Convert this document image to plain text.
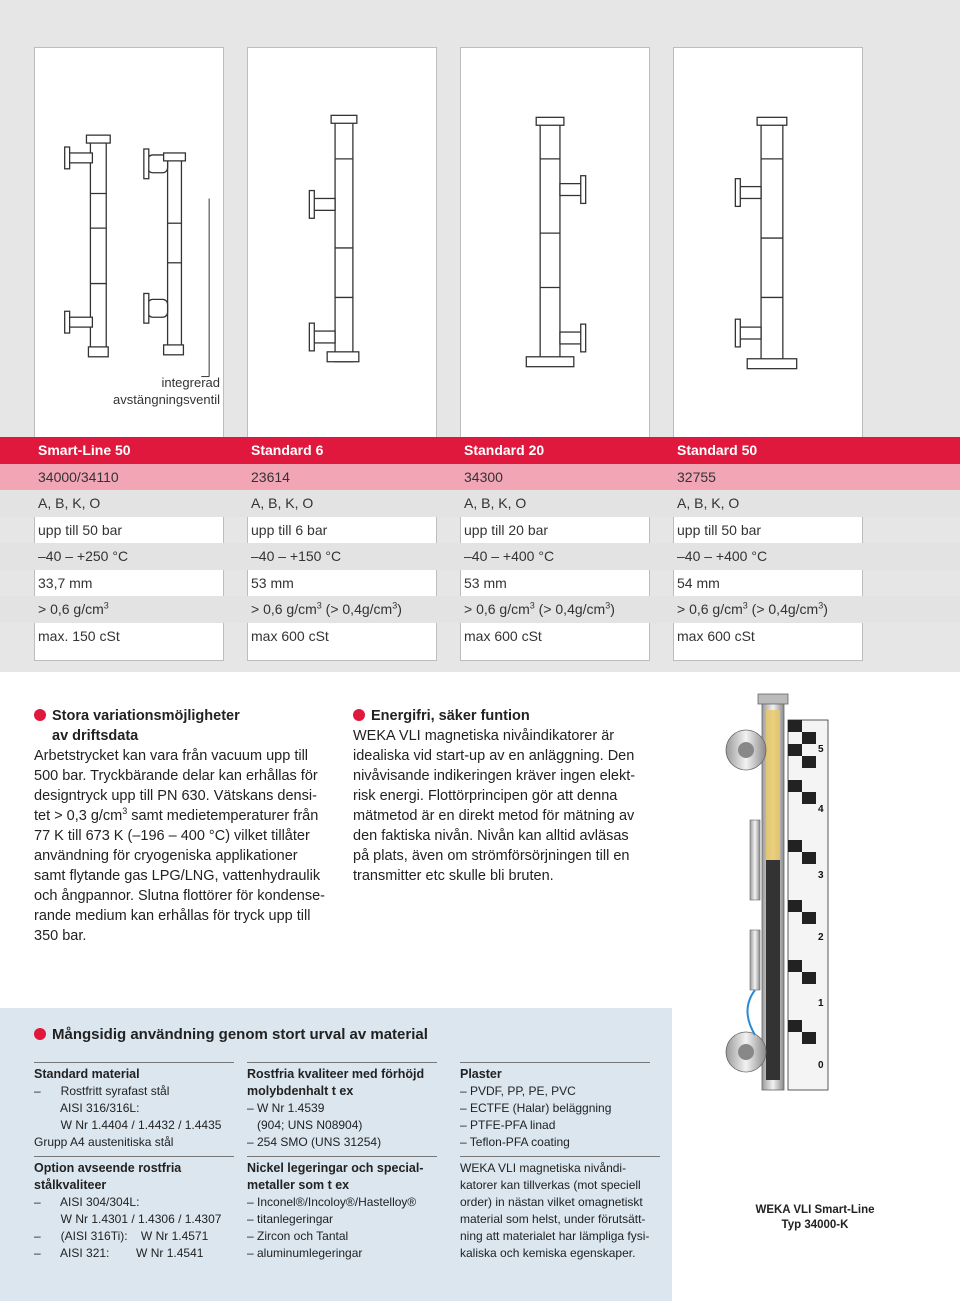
integrerad
avstängningsventil
Smart-Line 50	Standard 6	Standard 20	Standard 50
34000/34110	23614	34300	32755
A, B, K, O	A, B, K, O	A, B, K, O	A, B, K, O
upp till 50 bar	upp till 6 bar	upp till 20 bar	upp till 50 bar
–40 – +250 °C	–40 – +150 °C	–40 – +400 °C	–40 – +400 °C
33,7 mm	53 mm	53 mm	54 mm
> 0,6 $g/cm^3$	> 0,6 $g/cm^3$ (> $0,4g/cm^3$)	> 0,6 $g/cm^3$ (> $0,4g/cm^3$)	> 0,6 $g/cm^3$ (> $0,4g/cm^3$)
max. 150 cSt	max 600 cSt	max 600 cSt	max 600 cSt
Stora variationsmöjligheter
av driftsdata
Arbetstrycket kan vara från vacuum upp till
500 bar. Tryckbärande delar kan erhållas för
designtryck upp till PN 630. Vätskans densi-
tet > 0,3 $g/cm^3$ samt medietemperaturer från
77 K till 673 K (–196 – 400 °C) vilket tillåter
användning för cryogeniska applikationer
samt flytande gas LPG/LNG, vattenhydraulik
och ångpannor. Slutna flottörer för kondense-
rande medium kan erhållas för tryck upp till
350 bar.
Energifri, säker funtion
WEKA VLI magnetiska nivåindikatorer är
idealiska vid start-up av en anläggning. Den
nivåvisande indikeringen kräver ingen elekt-
risk energi. Flottörprincipen gör att denna
mätmetod är en direkt metod för mätning av
den faktiska nivån. Nivån kan alltid avläsas
på plats, även om strömförsörjningen till en
transmitter etc skulle bli bruten.
Mångsidig användning genom stort urval av material
Standard material
–      Rostfritt syrafast stål
AISI 316/316L:
W Nr 1.4404 / 1.4432 / 1.4435
Grupp A4 austenitiska stål
Rostfria kvaliteer med förhöjd molybdenhalt t ex
– W Nr 1.4539
(904; UNS N08904)
– 254 SMO (UNS 31254)
Plaster
– PVDF, PP, PE, PVC
– ECTFE (Halar) beläggning
– PTFE-PFA linad
– Teflon-PFA coating
Option avseende rostfria stålkvaliteer
–      AISI 304/304L:
W Nr 1.4301 / 1.4306 / 1.4307
–      (AISI 316Ti):    W Nr 1.4571
–      AISI 321:        W Nr 1.4541
Nickel legeringar och special-metaller som t ex
– Inconel®/Incoloy®/Hastelloy®
– titanlegeringar
– Zircon och Tantal
– aluminumlegeringar
WEKA VLI magnetiska nivåndi-
katorer kan tillverkas (mot speciell
order) in nästan vilket omagnetiskt
material som helst, under förutsätt-
ning att materialet har lämpliga fysi-
kaliska och kemiska egenskaper.
5
4
3
2
1
0
WEKA VLI Smart-Line
Typ 34000-K
